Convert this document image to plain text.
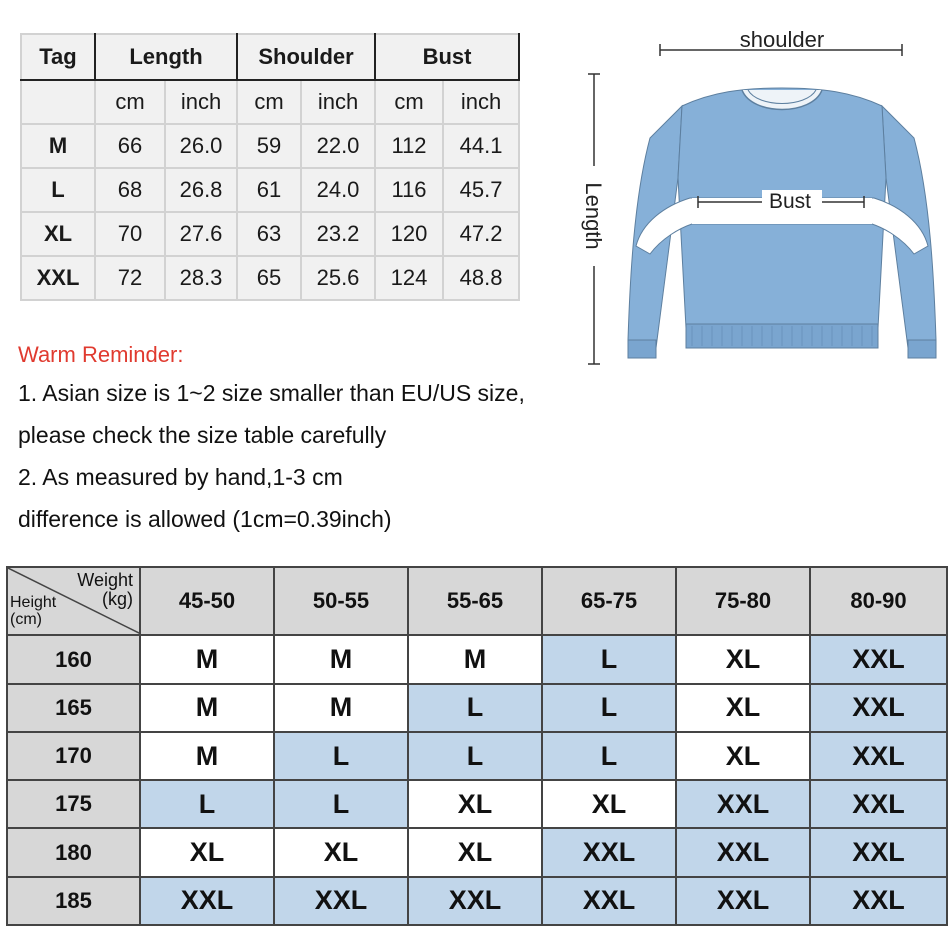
Tag	Length		Shoulder		Bust	
	cm	inch	cm	inch	cm	inch
M	66	26.0	59	22.0	112	44.1
L	68	26.8	61	24.0	116	45.7
XL	70	27.6	63	23.2	120	47.2
XXL	72	28.3	65	25.6	124	48.8
Warm Reminder:
1. Asian size is 1~2 size smaller than EU/US size,
please check the size table carefully
2. As measured by hand,1-3 cm
difference is allowed (1cm=0.39inch)
shoulder
Length	Bust
Weight
(kg)
Height
(cm)	45-50	50-55	55-65	65-75	75-80	80-90
160	M	M	M	L	XL	XXL
165	M	M	L	L	XL	XXL
170	M	L	L	L	XL	XXL
175	L	L	XL	XL	XXL	XXL
180	XL	XL	XL	XXL	XXL	XXL
185	XXL	XXL	XXL	XXL	XXL	XXL
